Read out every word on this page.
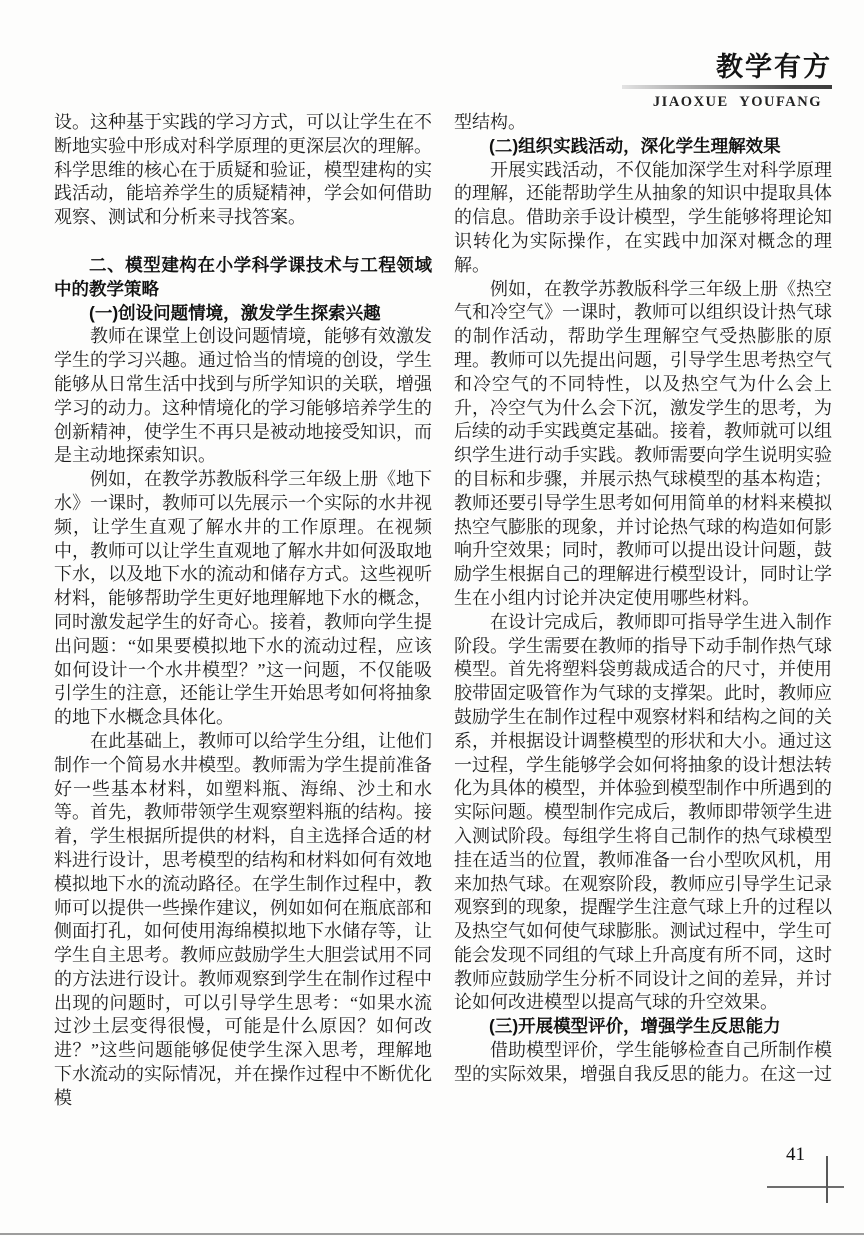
教学有方
JIAOXUE YOUFANG

设。这种基于实践的学习方式，可以让学生在不断地实验中形成对科学原理的更深层次的理解。科学思维的核心在于质疑和验证，模型建构的实践活动，能培养学生的质疑精神，学会如何借助观察、测试和分析来寻找答案。

二、模型建构在小学科学课技术与工程领域中的教学策略
(一)创设问题情境，激发学生探索兴趣

教师在课堂上创设问题情境，能够有效激发学生的学习兴趣。通过恰当的情境的创设，学生能够从日常生活中找到与所学知识的关联，增强学习的动力。这种情境化的学习能够培养学生的创新精神，使学生不再只是被动地接受知识，而是主动地探索知识。

例如，在教学苏教版科学三年级上册《地下水》一课时，教师可以先展示一个实际的水井视频，让学生直观了解水井的工作原理。在视频中，教师可以让学生直观地了解水井如何汲取地下水，以及地下水的流动和储存方式。这些视听材料，能够帮助学生更好地理解地下水的概念，同时激发起学生的好奇心。接着，教师向学生提出问题：“如果要模拟地下水的流动过程，应该如何设计一个水井模型？”这一问题，不仅能吸引学生的注意，还能让学生开始思考如何将抽象的地下水概念具体化。

在此基础上，教师可以给学生分组，让他们制作一个简易水井模型。教师需为学生提前准备好一些基本材料，如塑料瓶、海绵、沙土和水等。首先，教师带领学生观察塑料瓶的结构。接着，学生根据所提供的材料，自主选择合适的材料进行设计，思考模型的结构和材料如何有效地模拟地下水的流动路径。在学生制作过程中，教师可以提供一些操作建议，例如如何在瓶底部和侧面打孔，如何使用海绵模拟地下水储存等，让学生自主思考。教师应鼓励学生大胆尝试用不同的方法进行设计。教师观察到学生在制作过程中出现的问题时，可以引导学生思考：“如果水流过沙土层变得很慢，可能是什么原因？如何改进？”这些问题能够促使学生深入思考，理解地下水流动的实际情况，并在操作过程中不断优化模

型结构。

(二)组织实践活动，深化学生理解效果

开展实践活动，不仅能加深学生对科学原理的理解，还能帮助学生从抽象的知识中提取具体的信息。借助亲手设计模型，学生能够将理论知识转化为实际操作，在实践中加深对概念的理解。

例如，在教学苏教版科学三年级上册《热空气和冷空气》一课时，教师可以组织设计热气球的制作活动，帮助学生理解空气受热膨胀的原理。教师可以先提出问题，引导学生思考热空气和冷空气的不同特性，以及热空气为什么会上升，冷空气为什么会下沉，激发学生的思考，为后续的动手实践奠定基础。接着，教师就可以组织学生进行动手实践。教师需要向学生说明实验的目标和步骤，并展示热气球模型的基本构造；教师还要引导学生思考如何用简单的材料来模拟热空气膨胀的现象，并讨论热气球的构造如何影响升空效果；同时，教师可以提出设计问题，鼓励学生根据自己的理解进行模型设计，同时让学生在小组内讨论并决定使用哪些材料。

在设计完成后，教师即可指导学生进入制作阶段。学生需要在教师的指导下动手制作热气球模型。首先将塑料袋剪裁成适合的尺寸，并使用胶带固定吸管作为气球的支撑架。此时，教师应鼓励学生在制作过程中观察材料和结构之间的关系，并根据设计调整模型的形状和大小。通过这一过程，学生能够学会如何将抽象的设计想法转化为具体的模型，并体验到模型制作中所遇到的实际问题。模型制作完成后，教师即带领学生进入测试阶段。每组学生将自己制作的热气球模型挂在适当的位置，教师准备一台小型吹风机，用来加热气球。在观察阶段，教师应引导学生记录观察到的现象，提醒学生注意气球上升的过程以及热空气如何使气球膨胀。测试过程中，学生可能会发现不同组的气球上升高度有所不同，这时教师应鼓励学生分析不同设计之间的差异，并讨论如何改进模型以提高气球的升空效果。

(三)开展模型评价，增强学生反思能力

借助模型评价，学生能够检查自己所制作模型的实际效果，增强自我反思的能力。在这一过

41
